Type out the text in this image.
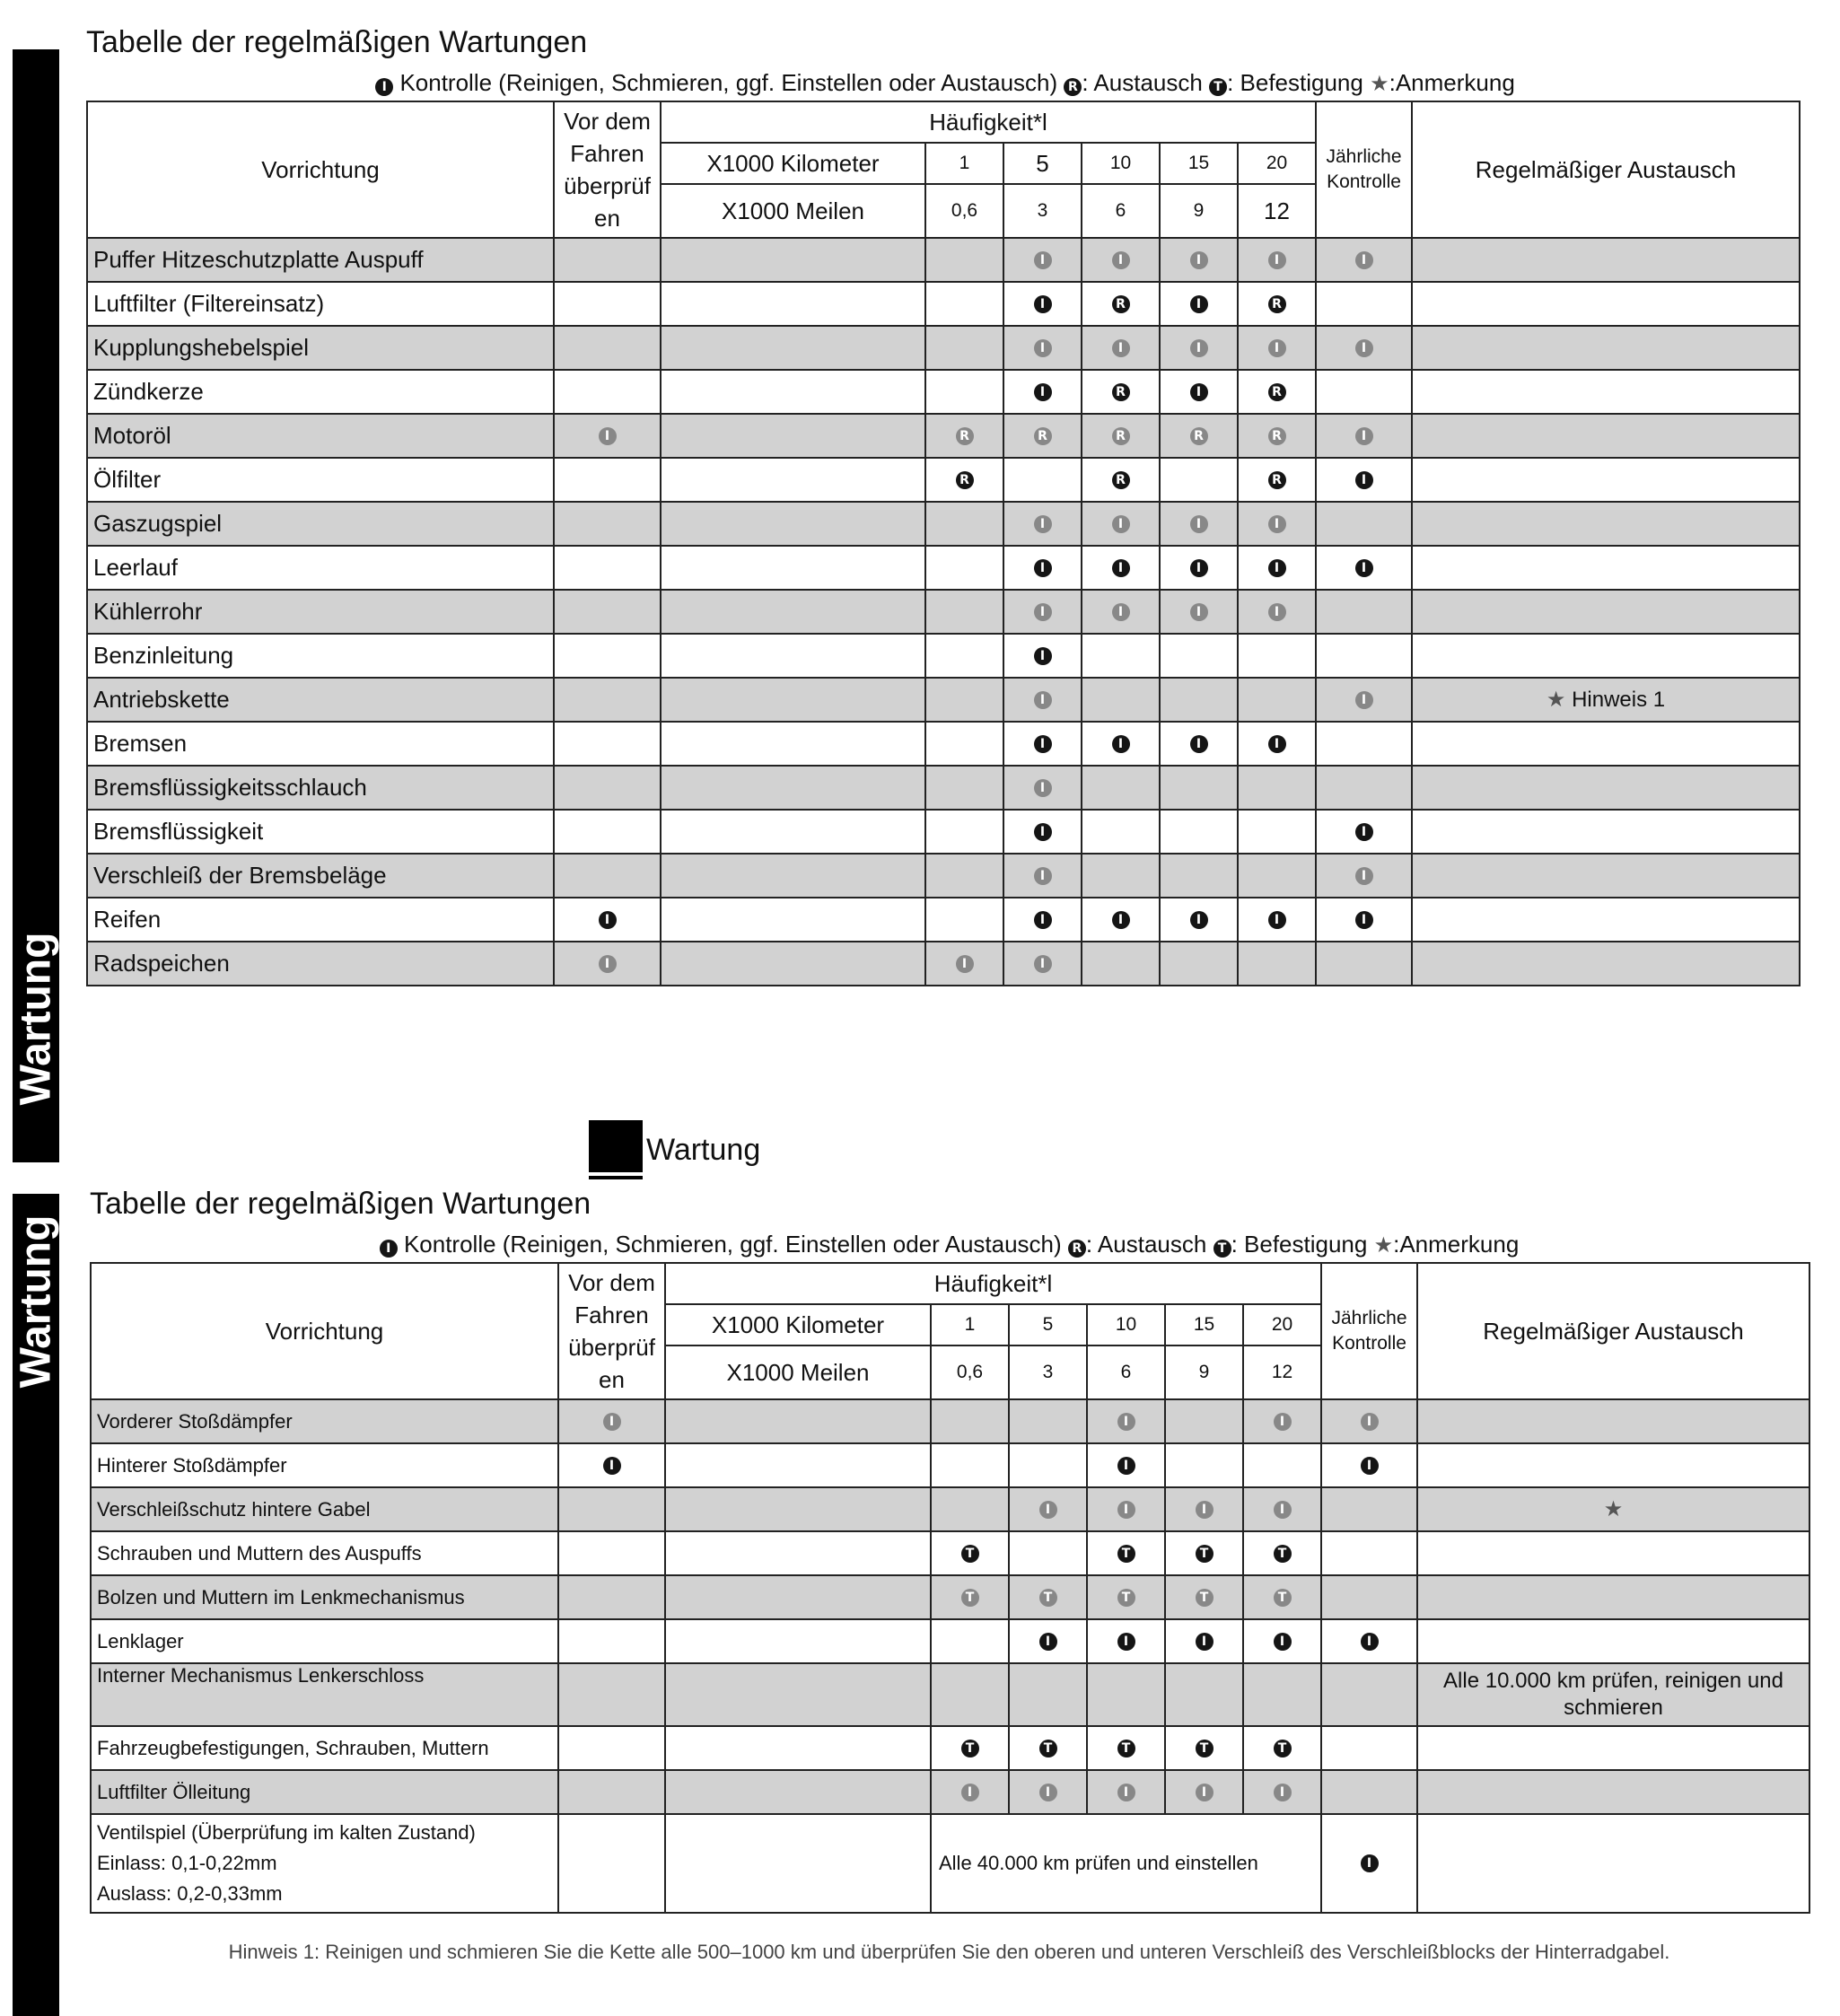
Wartung
Wartung
Tabelle der regelmäßigen Wartungen
I Kontrolle (Reinigen, Schmieren, ggf. Einstellen oder Austausch) R : Austausch T : Befestigung ★:Anmerkung
Vorrichtung	Vor dem Fahren überprüf en	Häufigkeit*l						Jährliche Kontrolle	Regelmäßiger Austausch
		X1000 Kilometer	1	5	10	15	20		
		X1000 Meilen	0,6	3	6	9	12		
Puffer Hitzeschutzplatte Auspuff				I	I	I	I	I	
Luftfilter (Filtereinsatz)				I	R	I	R		
Kupplungshebelspiel				I	I	I	I	I	
Zündkerze				I	R	I	R		
Motoröl	I		R	R	R	R	R	I	
Ölfilter			R		R		R	I	
Gaszugspiel				I	I	I	I		
Leerlauf				I	I	I	I	I	
Kühlerrohr				I	I	I	I		
Benzinleitung				I					
Antriebskette				I				I	★ Hinweis 1
Bremsen				I	I	I	I		
Bremsflüssigkeitsschlauch				I					
Bremsflüssigkeit				I				I	
Verschleiß der Bremsbeläge				I				I	
Reifen	I			I	I	I	I	I	
Radspeichen	I		I	I					
Wartung
Tabelle der regelmäßigen Wartungen
I Kontrolle (Reinigen, Schmieren, ggf. Einstellen oder Austausch) R : Austausch T : Befestigung ★:Anmerkung
Vorrichtung	Vor dem Fahren überprüf en	Häufigkeit*l						Jährliche Kontrolle	Regelmäßiger Austausch
		X1000 Kilometer	1	5	10	15	20		
		X1000 Meilen	0,6	3	6	9	12		
Vorderer Stoßdämpfer	I				I		I	I	
Hinterer Stoßdämpfer	I				I			I	
Verschleißschutz hintere Gabel				I	I	I	I		★
Schrauben und Muttern des Auspuffs			T		T	T	T		
Bolzen und Muttern im Lenkmechanismus			T	T	T	T	T		
Lenklager				I	I	I	I	I	
Interner Mechanismus Lenkerschloss									Alle 10.000 km prüfen, reinigen und schmieren
Fahrzeugbefestigungen, Schrauben, Muttern			T	T	T	T	T		
Luftfilter Ölleitung			I	I	I	I	I		

Ventilspiel (Überprüfung im kalten Zustand)
Einlass: 0,1-0,22mm
Auslass: 0,2-0,33mm			Alle 40.000 km prüfen und einstellen					I	
Hinweis 1: Reinigen und schmieren Sie die Kette alle 500–1000 km und überprüfen Sie den oberen und unteren Verschleiß des Verschleißblocks der Hinterradgabel.
